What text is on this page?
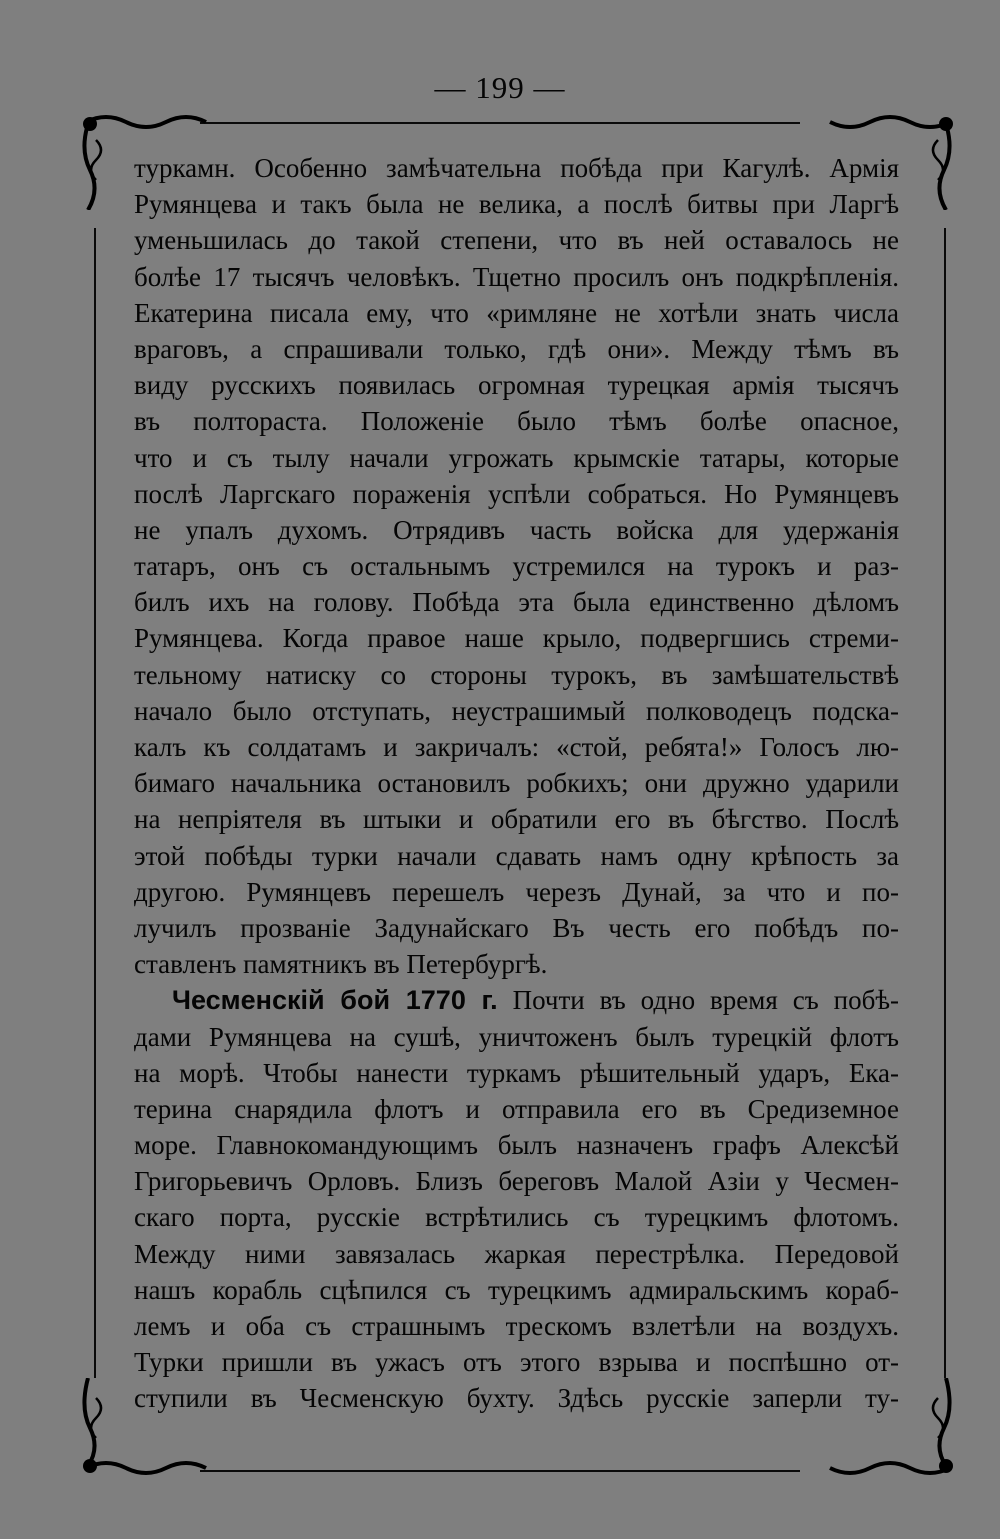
— 199 —
туркамн. Особенно замѣчательна побѣда при Кагулѣ. Армія
Румянцева и такъ была не велика, а послѣ битвы при Ларгѣ
уменьшилась до такой степени, что въ ней оставалось не
болѣе 17 тысячъ человѣкъ. Тщетно просилъ онъ подкрѣпленія.
Екатерина писала ему, что «римляне не хотѣли знать числа
враговъ, а спрашивали только, гдѣ они». Между тѣмъ въ
виду русскихъ появилась огромная турецкая армія тысячъ
въ полтораста. Положеніе было тѣмъ болѣе опасное,
что и съ тылу начали угрожать крымскіе татары, которые
послѣ Ларгскаго пораженія успѣли собраться. Но Румянцевъ
не упалъ духомъ. Отрядивъ часть войска для удержанія
татаръ, онъ съ остальнымъ устремился на турокъ и раз-
билъ ихъ на голову. Побѣда эта была единственно дѣломъ
Румянцева. Когда правое наше крыло, подвергшись стреми-
тельному натиску со стороны турокъ, въ замѣшательствѣ
начало было отступать, неустрашимый полководецъ подска-
калъ къ солдатамъ и закричалъ: «стой, ребята!» Голосъ лю-
бимаго начальника остановилъ робкихъ; они дружно ударили
на непріятеля въ штыки и обратили его въ бѣгство. Послѣ
этой побѣды турки начали сдавать намъ одну крѣпость за
другою. Румянцевъ перешелъ черезъ Дунай, за что и по-
лучилъ прозваніе Задунайскаго Въ честь его побѣдъ по-
ставленъ памятникъ въ Петербургѣ.
Чесменскій бой 1770 г. Почти въ одно время съ побѣ-
дами Румянцева на сушѣ, уничтоженъ былъ турецкій флотъ
на морѣ. Чтобы нанести туркамъ рѣшительный ударъ, Ека-
терина снарядила флотъ и отправила его въ Средиземное
море. Главнокомандующимъ былъ назначенъ графъ Алексѣй
Григорьевичъ Орловъ. Близъ береговъ Малой Азіи у Чесмен-
скаго порта, русскіе встрѣтились съ турецкимъ флотомъ.
Между ними завязалась жаркая перестрѣлка. Передовой
нашъ корабль сцѣпился съ турецкимъ адмиральскимъ кораб-
лемъ и оба съ страшнымъ трескомъ взлетѣли на воздухъ.
Турки пришли въ ужасъ отъ этого взрыва и поспѣшно от-
ступили въ Чесменскую бухту. Здѣсь русскіе заперли ту-
